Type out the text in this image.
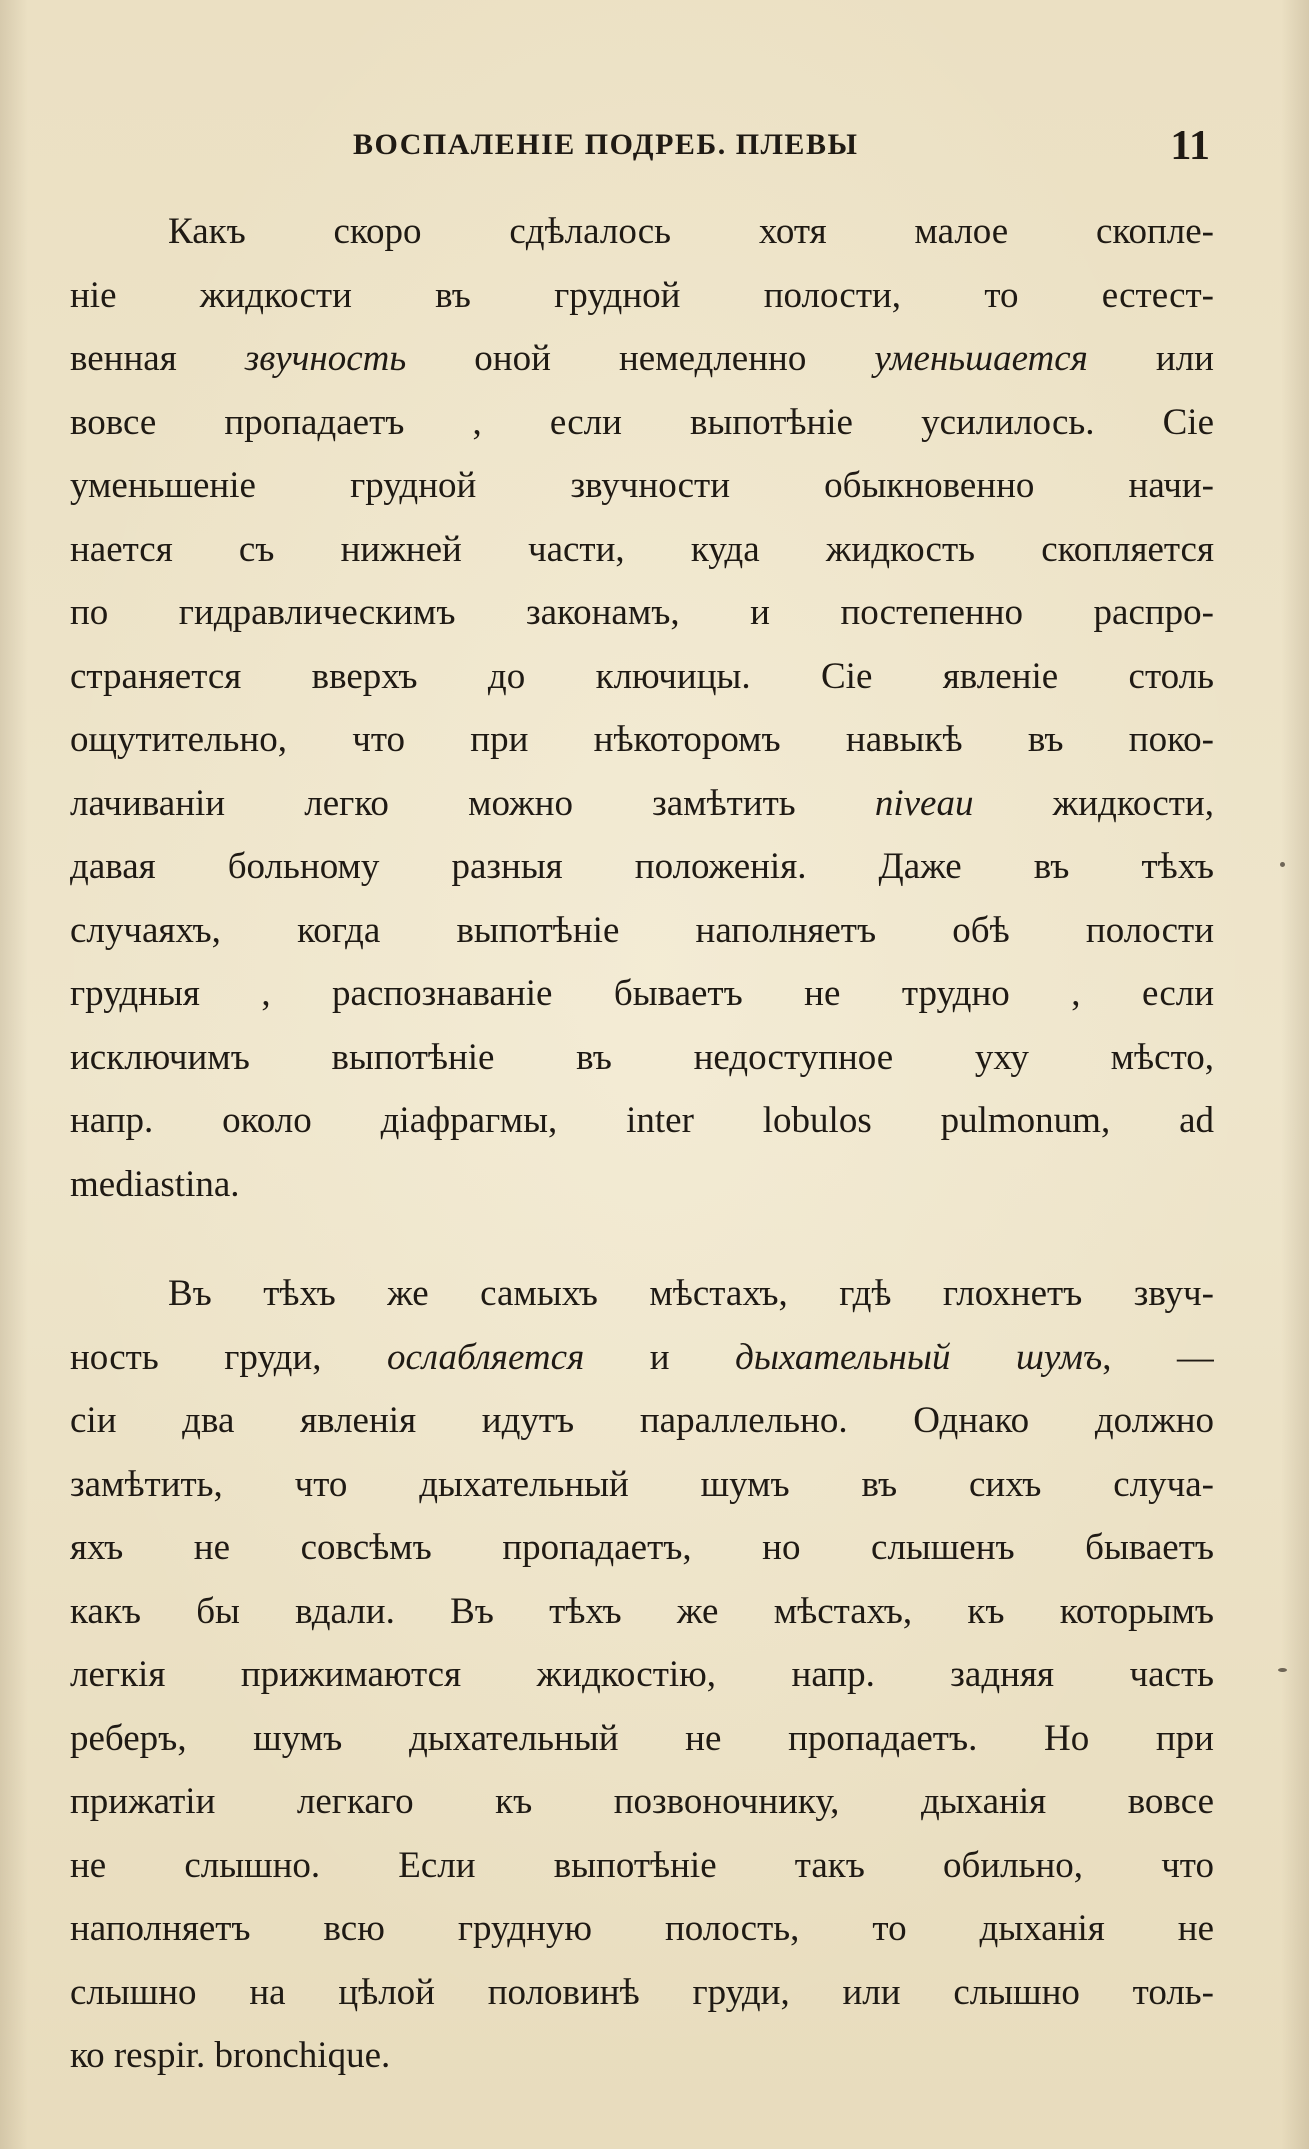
ВОСПАЛЕНІЕ ПОДРЕБ. ПЛЕВЫ	11
Какъ скоро сдѣлалось хотя малое скопле-
ніе жидкости въ грудной полости, то естест-
венная звучность оной немедленно уменьшается или
вовсе пропадаетъ , если выпотѣніе усилилось. Сіе
уменьшеніе грудной звучности обыкновенно начи-
нается съ нижней части, куда жидкость скопляется
по гидравлическимъ законамъ, и постепенно распро-
страняется вверхъ до ключицы. Сіе явленіе столь
ощутительно, что при нѣкоторомъ навыкѣ въ поко-
лачиваніи легко можно замѣтить niveau жидкости,
давая больному разныя положенія. Даже въ тѣхъ
случаяхъ, когда выпотѣніе наполняетъ обѣ полости
грудныя , распознаваніе бываетъ не трудно , если
исключимъ выпотѣніе въ недоступное уху мѣсто,
напр. около діафрагмы, inter lobulos pulmonum, ad
mediastina.
Въ тѣхъ же самыхъ мѣстахъ, гдѣ глохнетъ звуч-
ность груди, ослабляется и дыхательный шумъ, —
сіи два явленія идутъ параллельно. Однако должно
замѣтить, что дыхательный шумъ въ сихъ случа-
яхъ не совсѣмъ пропадаетъ, но слышенъ бываетъ
какъ бы вдали. Въ тѣхъ же мѣстахъ, къ которымъ
легкія прижимаются жидкостію, напр. задняя часть
реберъ, шумъ дыхательный не пропадаетъ. Но при
прижатіи легкаго къ позвоночнику, дыханія вовсе
не слышно. Если выпотѣніе такъ обильно, что
наполняетъ всю грудную полость, то дыханія не
слышно на цѣлой половинѣ груди, или слышно толь-
ко respir. bronchique.
